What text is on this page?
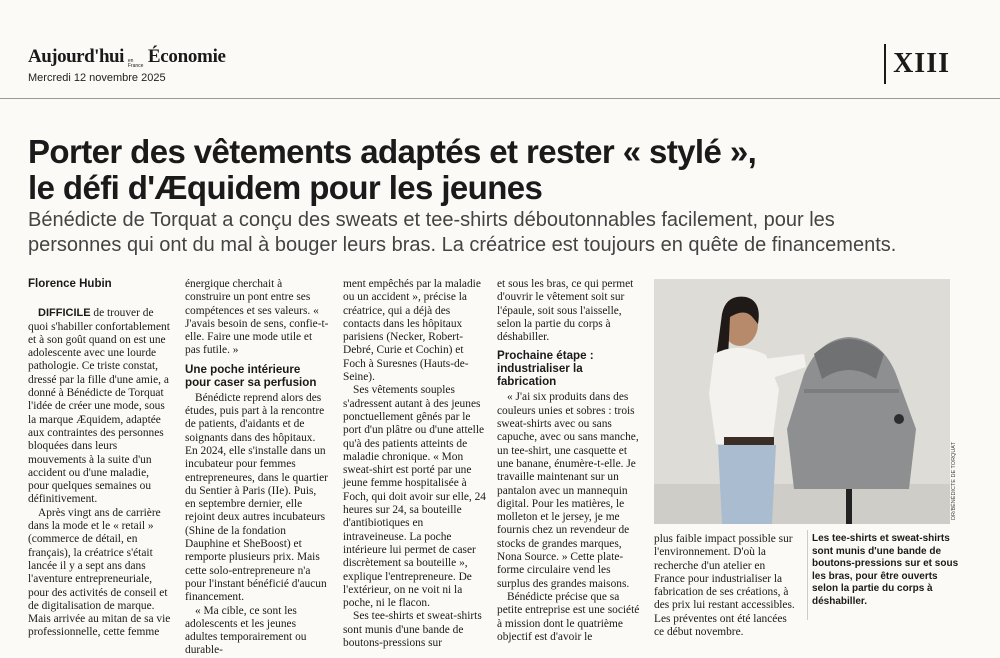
Aujourd'hui en France Économie
Mercredi 12 novembre 2025	XIII
Porter des vêtements adaptés et rester « stylé »,
le défi d'Æquidem pour les jeunes
Bénédicte de Torquat a conçu des sweats et tee-shirts déboutonnables facilement, pour les
personnes qui ont du mal à bouger leurs bras. La créatrice est toujours en quête de financements.
Florence Hubin

DIFFICILE de trouver de quoi s'habiller confortablement et à son goût quand on est une adolescente avec une lourde pathologie. Ce triste constat, dressé par la fille d'une amie, a donné à Bénédicte de Torquat l'idée de créer une mode, sous la marque Æquidem, adaptée aux contraintes des personnes bloquées dans leurs mouvements à la suite d'un accident ou d'une maladie, pour quelques semaines ou définitivement.

Après vingt ans de carrière dans la mode et le « retail » (commerce de détail, en français), la créatrice s'était lancée il y a sept ans dans l'aventure entrepreneuriale, pour des activités de conseil et de digitalisation de marque. Mais arrivée au mitan de sa vie professionnelle, cette femme

énergique cherchait à construire un pont entre ses compétences et ses valeurs. « J'avais besoin de sens, confie-t-elle. Faire une mode utile et pas futile. »

Une poche intérieure pour caser sa perfusion

Bénédicte reprend alors des études, puis part à la rencontre de patients, d'aidants et de soignants dans des hôpitaux. En 2024, elle s'installe dans un incubateur pour femmes entrepreneures, dans le quartier du Sentier à Paris (IIe). Puis, en septembre dernier, elle rejoint deux autres incubateurs (Shine de la fondation Dauphine et SheBoost) et remporte plusieurs prix. Mais cette solo-entrepreneure n'a pour l'instant bénéficié d'aucun financement.

« Ma cible, ce sont les adolescents et les jeunes adultes temporairement ou durable-

ment empêchés par la maladie ou un accident », précise la créatrice, qui a déjà des contacts dans les hôpitaux parisiens (Necker, Robert-Debré, Curie et Cochin) et Foch à Suresnes (Hauts-de-Seine).

Ses vêtements souples s'adressent autant à des jeunes ponctuellement gênés par le port d'un plâtre ou d'une attelle qu'à des patients atteints de maladie chronique. « Mon sweat-shirt est porté par une jeune femme hospitalisée à Foch, qui doit avoir sur elle, 24 heures sur 24, sa bouteille d'antibiotiques en intraveineuse. La poche intérieure lui permet de caser discrètement sa bouteille », explique l'entrepreneure. De l'extérieur, on ne voit ni la poche, ni le flacon.

Ses tee-shirts et sweat-shirts sont munis d'une bande de boutons-pressions sur

et sous les bras, ce qui permet d'ouvrir le vêtement soit sur l'épaule, soit sous l'aisselle, selon la partie du corps à déshabiller.

Prochaine étape : industrialiser la fabrication

« J'ai six produits dans des couleurs unies et sobres : trois sweat-shirts avec ou sans capuche, avec ou sans manche, un tee-shirt, une casquette et une banane, énumère-t-elle. Je travaille maintenant sur un pantalon avec un mannequin digital. Pour les matières, le molleton et le jersey, je me fournis chez un revendeur de stocks de grandes marques, Nona Source. » Cette plate-forme circulaire vend les surplus des grandes maisons.

Bénédicte précise que sa petite entreprise est une société à mission dont le quatrième objectif est d'avoir le

plus faible impact possible sur l'environnement. D'où la recherche d'un atelier en France pour industrialiser la fabrication de ses créations, à des prix lui restant accessibles. Les préventes ont été lancées ce début novembre.

DR/BÉNÉDICTE DE TORQUAT
Les tee-shirts et sweat-shirts sont munis d'une bande de boutons-pressions sur et sous les bras, pour être ouverts selon la partie du corps à déshabiller.
